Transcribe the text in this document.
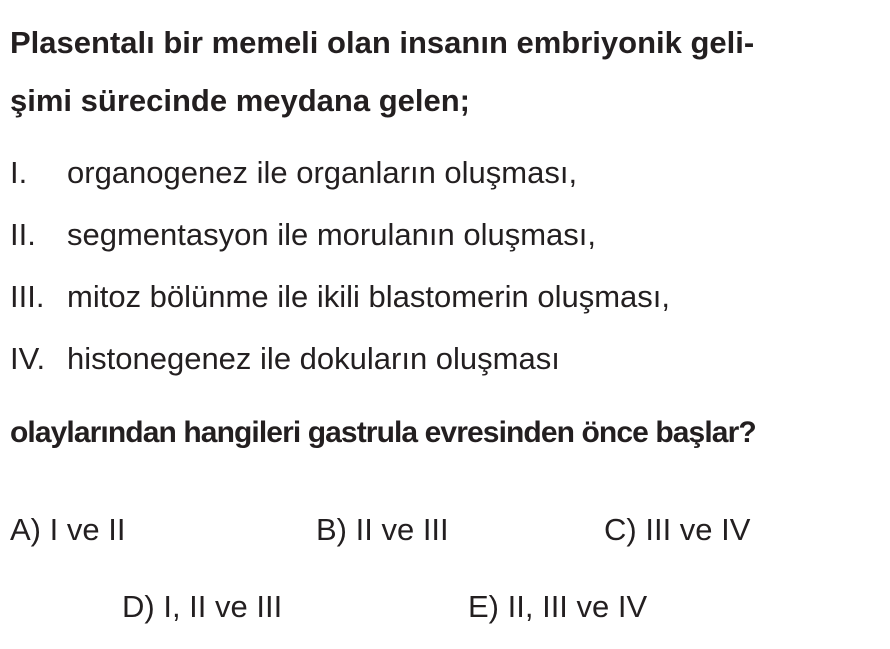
Plasentalı bir memeli olan insanın embriyonik geli-
şimi sürecinde meydana gelen;
I.	organogenez ile organların oluşması,
II.	segmentasyon ile morulanın oluşması,
III. mitoz bölünme ile ikili blastomerin oluşması,
IV. histonegenez ile dokuların oluşması

olaylarından hangileri gastrula evresinden önce başlar?

A) I ve II	B) II ve III	C) III ve IV
D) I, II ve III	E) II, III ve IV
